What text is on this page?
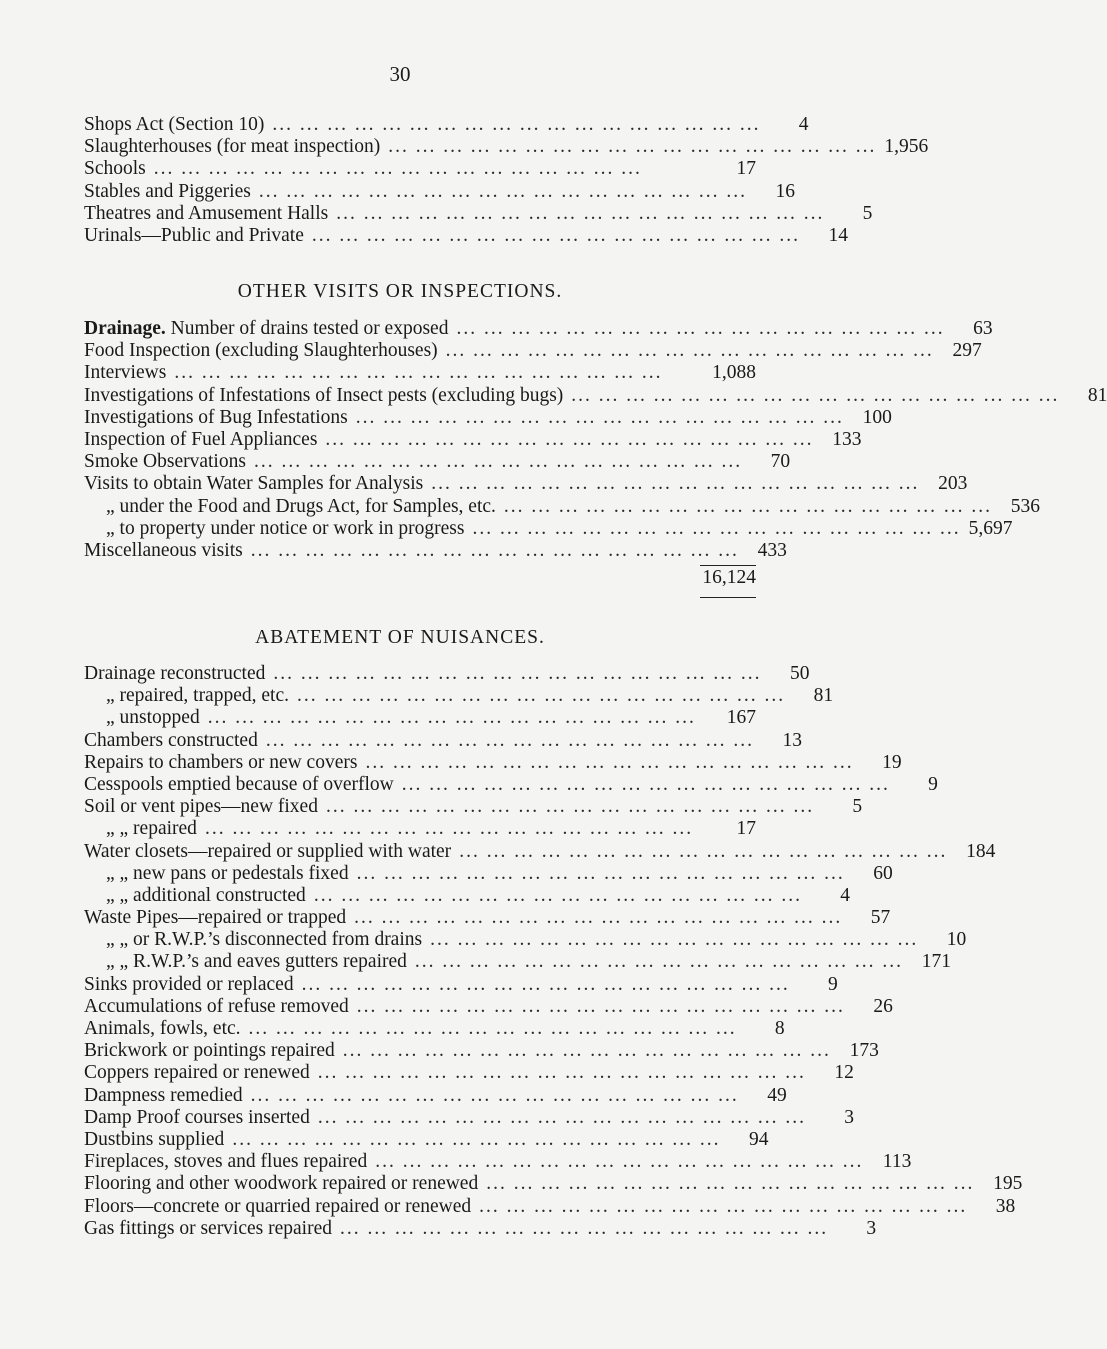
30
Shops Act (Section 10) ... ... ... ... ... ... ... ... ... ... ... ... ... ... ... ... ... ...	4
Slaughterhouses (for meat inspection) ... ... ... ... ... ... ... ... ... ... ... ... ... ... ... ... ... ... 1,956
Schools ... ... ... ... ... ... ... ... ... ... ... ... ... ... ... ... ... ...	17
Stables and Piggeries ... ... ... ... ... ... ... ... ... ... ... ... ... ... ... ... ... ...	16
Theatres and Amusement Halls ... ... ... ... ... ... ... ... ... ... ... ... ... ... ... ... ... ...	5
Urinals—Public and Private ... ... ... ... ... ... ... ... ... ... ... ... ... ... ... ... ... ...	14
OTHER VISITS OR INSPECTIONS.
Drainage. Number of drains tested or exposed ... ... ... ... ... ... ... ... ... ... ... ... ... ... ... ... ... ...	63
Food Inspection (excluding Slaughterhouses) ... ... ... ... ... ... ... ... ... ... ... ... ... ... ... ... ... ... 297
Interviews ... ... ... ... ... ... ... ... ... ... ... ... ... ... ... ... ... ...	1,088
Investigations of Infestations of Insect pests (excluding bugs) ... ... ... ... ... ... ... ... ... ... ... ... ... ... ... ... ... ...	81
Investigations of Bug Infestations ... ... ... ... ... ... ... ... ... ... ... ... ... ... ... ... ... ... 100
Inspection of Fuel Appliances ... ... ... ... ... ... ... ... ... ... ... ... ... ... ... ... ... ... 133
Smoke Observations ... ... ... ... ... ... ... ... ... ... ... ... ... ... ... ... ... ...	70
Visits to obtain Water Samples for Analysis ... ... ... ... ... ... ... ... ... ... ... ... ... ... ... ... ... ... 203
„ under the Food and Drugs Act, for Samples, etc. ... ... ... ... ... ... ... ... ... ... ... ... ... ... ... ... ... ... 536
„ to property under notice or work in progress ... ... ... ... ... ... ... ... ... ... ... ... ... ... ... ... ... ... 5,697
Miscellaneous visits ... ... ... ... ... ... ... ... ... ... ... ... ... ... ... ... ... ... 433
16,124
ABATEMENT OF NUISANCES.
Drainage reconstructed ... ... ... ... ... ... ... ... ... ... ... ... ... ... ... ... ... ...	50
„ repaired, trapped, etc. ... ... ... ... ... ... ... ... ... ... ... ... ... ... ... ... ... ...	81
„ unstopped ... ... ... ... ... ... ... ... ... ... ... ... ... ... ... ... ... ...	167
Chambers constructed ... ... ... ... ... ... ... ... ... ... ... ... ... ... ... ... ... ...	13
Repairs to chambers or new covers ... ... ... ... ... ... ... ... ... ... ... ... ... ... ... ... ... ...	19
Cesspools emptied because of overflow ... ... ... ... ... ... ... ... ... ... ... ... ... ... ... ... ... ...	9
Soil or vent pipes—new fixed ... ... ... ... ... ... ... ... ... ... ... ... ... ... ... ... ... ...	5
„ „ repaired ... ... ... ... ... ... ... ... ... ... ... ... ... ... ... ... ... ...	17
Water closets—repaired or supplied with water ... ... ... ... ... ... ... ... ... ... ... ... ... ... ... ... ... ... 184
„ „ new pans or pedestals fixed ... ... ... ... ... ... ... ... ... ... ... ... ... ... ... ... ... ...	60
„ „ additional constructed ... ... ... ... ... ... ... ... ... ... ... ... ... ... ... ... ... ...	4
Waste Pipes—repaired or trapped ... ... ... ... ... ... ... ... ... ... ... ... ... ... ... ... ... ...	57
„ „ or R.W.P.’s disconnected from drains ... ... ... ... ... ... ... ... ... ... ... ... ... ... ... ... ... ...	10
„ „ R.W.P.’s and eaves gutters repaired ... ... ... ... ... ... ... ... ... ... ... ... ... ... ... ... ... ... 171
Sinks provided or replaced ... ... ... ... ... ... ... ... ... ... ... ... ... ... ... ... ... ...	9
Accumulations of refuse removed ... ... ... ... ... ... ... ... ... ... ... ... ... ... ... ... ... ...	26
Animals, fowls, etc. ... ... ... ... ... ... ... ... ... ... ... ... ... ... ... ... ... ...	8
Brickwork or pointings repaired ... ... ... ... ... ... ... ... ... ... ... ... ... ... ... ... ... ... 173
Coppers repaired or renewed ... ... ... ... ... ... ... ... ... ... ... ... ... ... ... ... ... ...	12
Dampness remedied ... ... ... ... ... ... ... ... ... ... ... ... ... ... ... ... ... ...	49
Damp Proof courses inserted ... ... ... ... ... ... ... ... ... ... ... ... ... ... ... ... ... ...	3
Dustbins supplied ... ... ... ... ... ... ... ... ... ... ... ... ... ... ... ... ... ...	94
Fireplaces, stoves and flues repaired ... ... ... ... ... ... ... ... ... ... ... ... ... ... ... ... ... ... 113
Flooring and other woodwork repaired or renewed ... ... ... ... ... ... ... ... ... ... ... ... ... ... ... ... ... ... 195
Floors—concrete or quarried repaired or renewed ... ... ... ... ... ... ... ... ... ... ... ... ... ... ... ... ... ...	38
Gas fittings or services repaired ... ... ... ... ... ... ... ... ... ... ... ... ... ... ... ... ... ...	3
